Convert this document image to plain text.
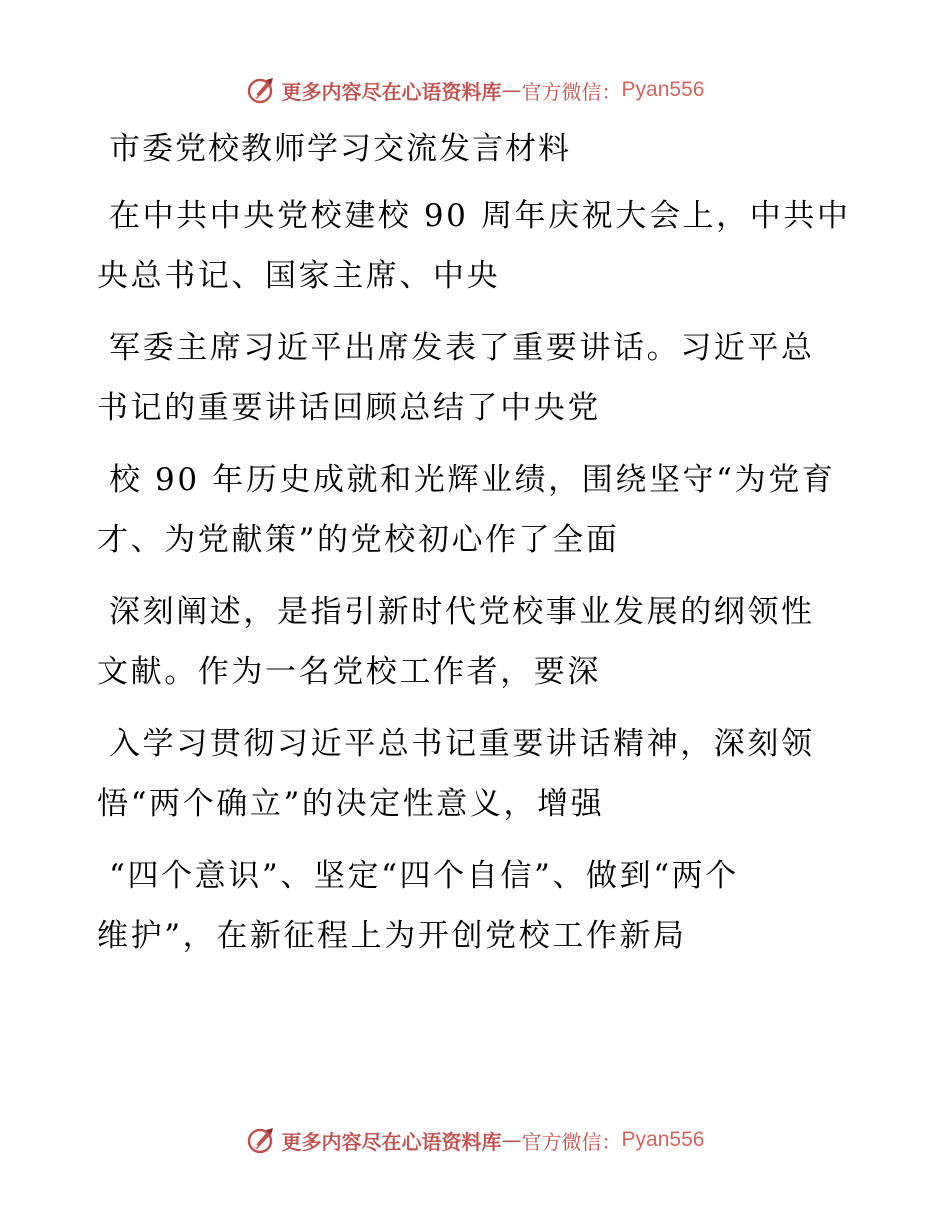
更多内容尽在心语资料库 — 官方微信： Pyan556
市委党校教师学习交流发言材料
在中共中央党校建校 90 周年庆祝大会上，中共中
央总书记、国家主席、中央
军委主席习近平出席发表了重要讲话。习近平总
书记的重要讲话回顾总结了中央党
校 90 年历史成就和光辉业绩，围绕坚守“为党育
才、为党献策”的党校初心作了全面
深刻阐述，是指引新时代党校事业发展的纲领性
文献。作为一名党校工作者，要深
入学习贯彻习近平总书记重要讲话精神，深刻领
悟“两个确立”的决定性意义，增强
“四个意识”、坚定“四个自信”、做到“两个
维护”，在新征程上为开创党校工作新局
更多内容尽在心语资料库 — 官方微信： Pyan556
